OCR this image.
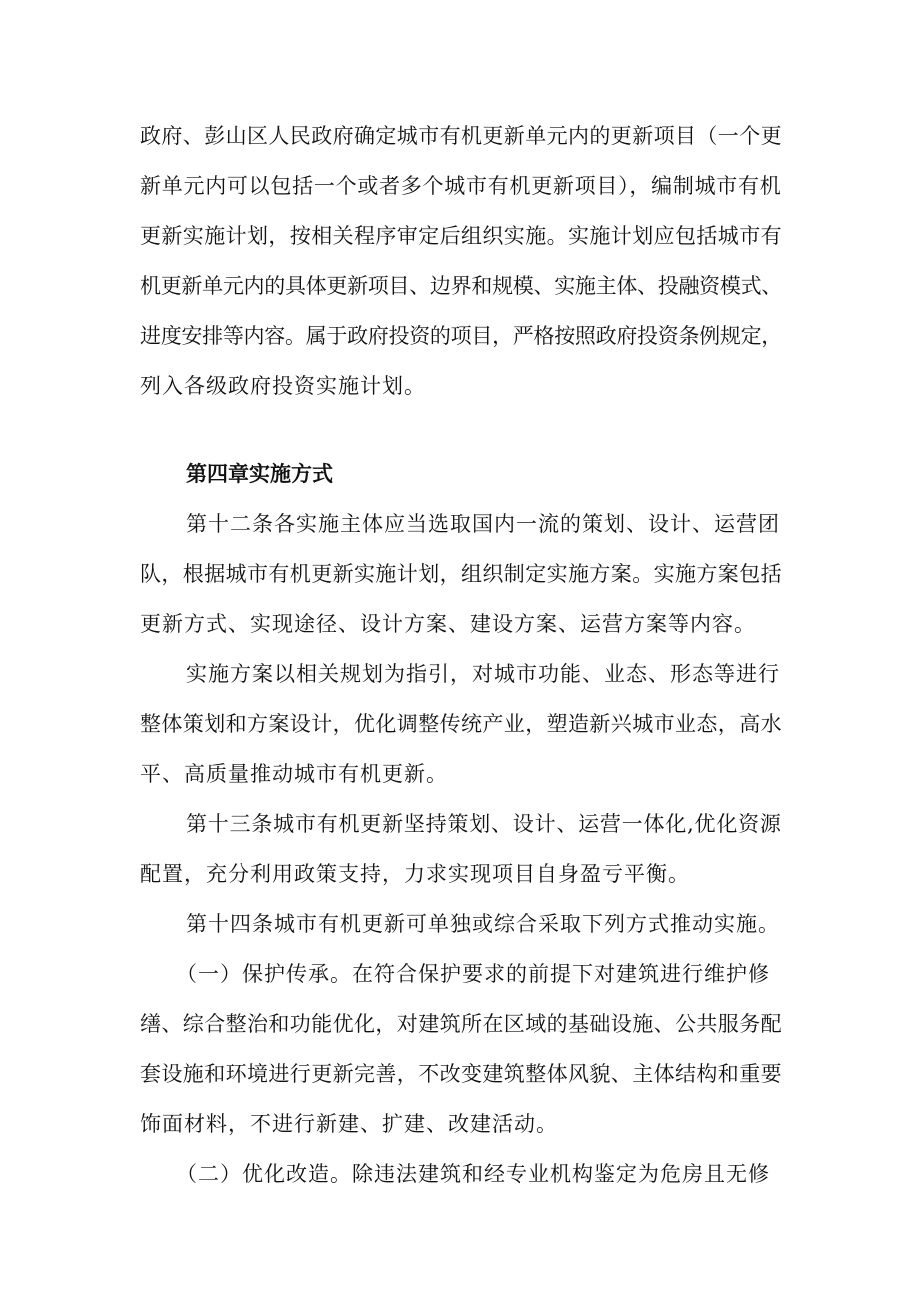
政府、彭山区人民政府确定城市有机更新单元内的更新项目（一个更
新单元内可以包括一个或者多个城市有机更新项目），编制城市有机
更新实施计划，按相关程序审定后组织实施。实施计划应包括城市有
机更新单元内的具体更新项目、边界和规模、实施主体、投融资模式、
进度安排等内容。属于政府投资的项目，严格按照政府投资条例规定，
列入各级政府投资实施计划。
第四章实施方式
第十二条各实施主体应当选取国内一流的策划、设计、运营团
队，根据城市有机更新实施计划，组织制定实施方案。实施方案包括
更新方式、实现途径、设计方案、建设方案、运营方案等内容。
实施方案以相关规划为指引，对城市功能、业态、形态等进行
整体策划和方案设计，优化调整传统产业，塑造新兴城市业态，高水
平、高质量推动城市有机更新。
第十三条城市有机更新坚持策划、设计、运营一体化,优化资源
配置，充分利用政策支持，力求实现项目自身盈亏平衡。
第十四条城市有机更新可单独或综合采取下列方式推动实施。
（一）保护传承。在符合保护要求的前提下对建筑进行维护修
缮、综合整治和功能优化，对建筑所在区域的基础设施、公共服务配
套设施和环境进行更新完善，不改变建筑整体风貌、主体结构和重要
饰面材料，不进行新建、扩建、改建活动。
（二）优化改造。除违法建筑和经专业机构鉴定为危房且无修
